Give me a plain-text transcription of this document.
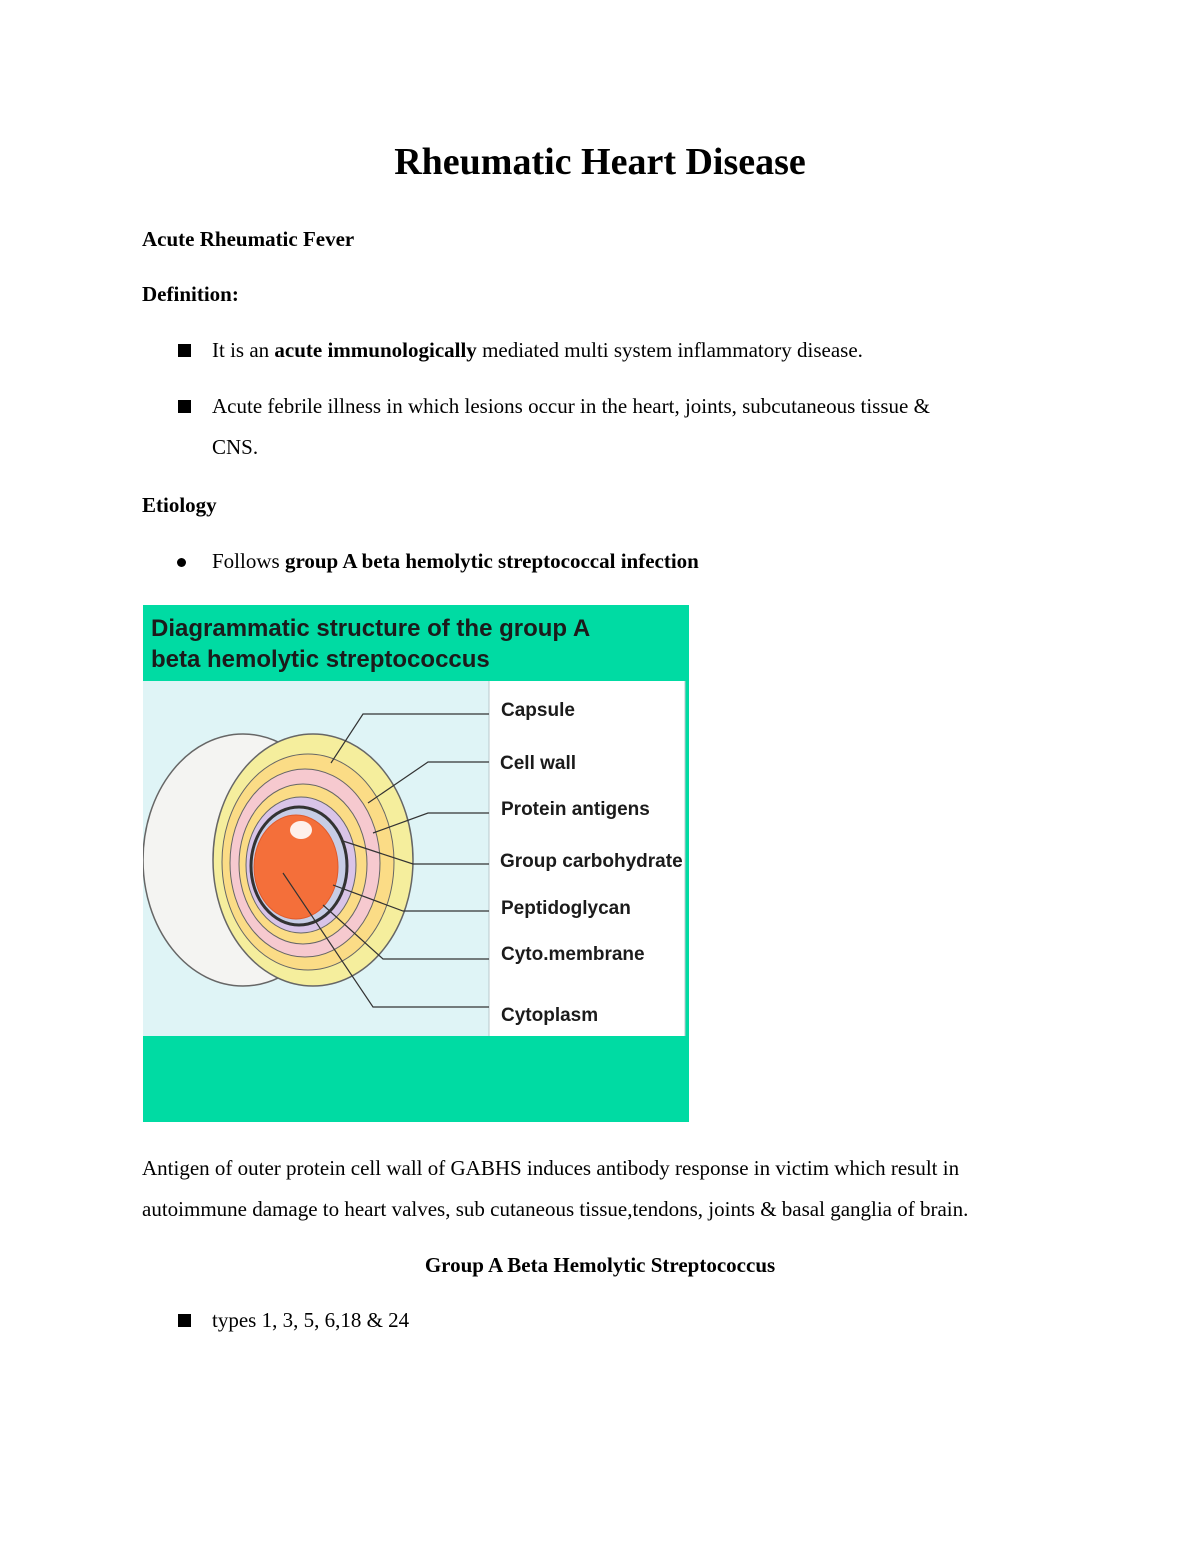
Rheumatic Heart Disease
Acute Rheumatic Fever
Definition:
It is an acute immunologically mediated multi system inflammatory disease.
Acute febrile illness in which lesions occur in the heart, joints, subcutaneous tissue &
CNS.
Etiology
Follows group A beta hemolytic streptococcal infection
Diagrammatic structure of the group A
beta hemolytic streptococcus
Capsule
Cell wall
Protein antigens
Group carbohydrate
Peptidoglycan
Cyto.membrane
Cytoplasm
Antigen of outer protein cell wall of GABHS induces antibody response in victim which result in
autoimmune damage to heart valves, sub cutaneous tissue,tendons, joints & basal ganglia of brain.
Group A Beta Hemolytic Streptococcus
types 1, 3, 5, 6,18 & 24
